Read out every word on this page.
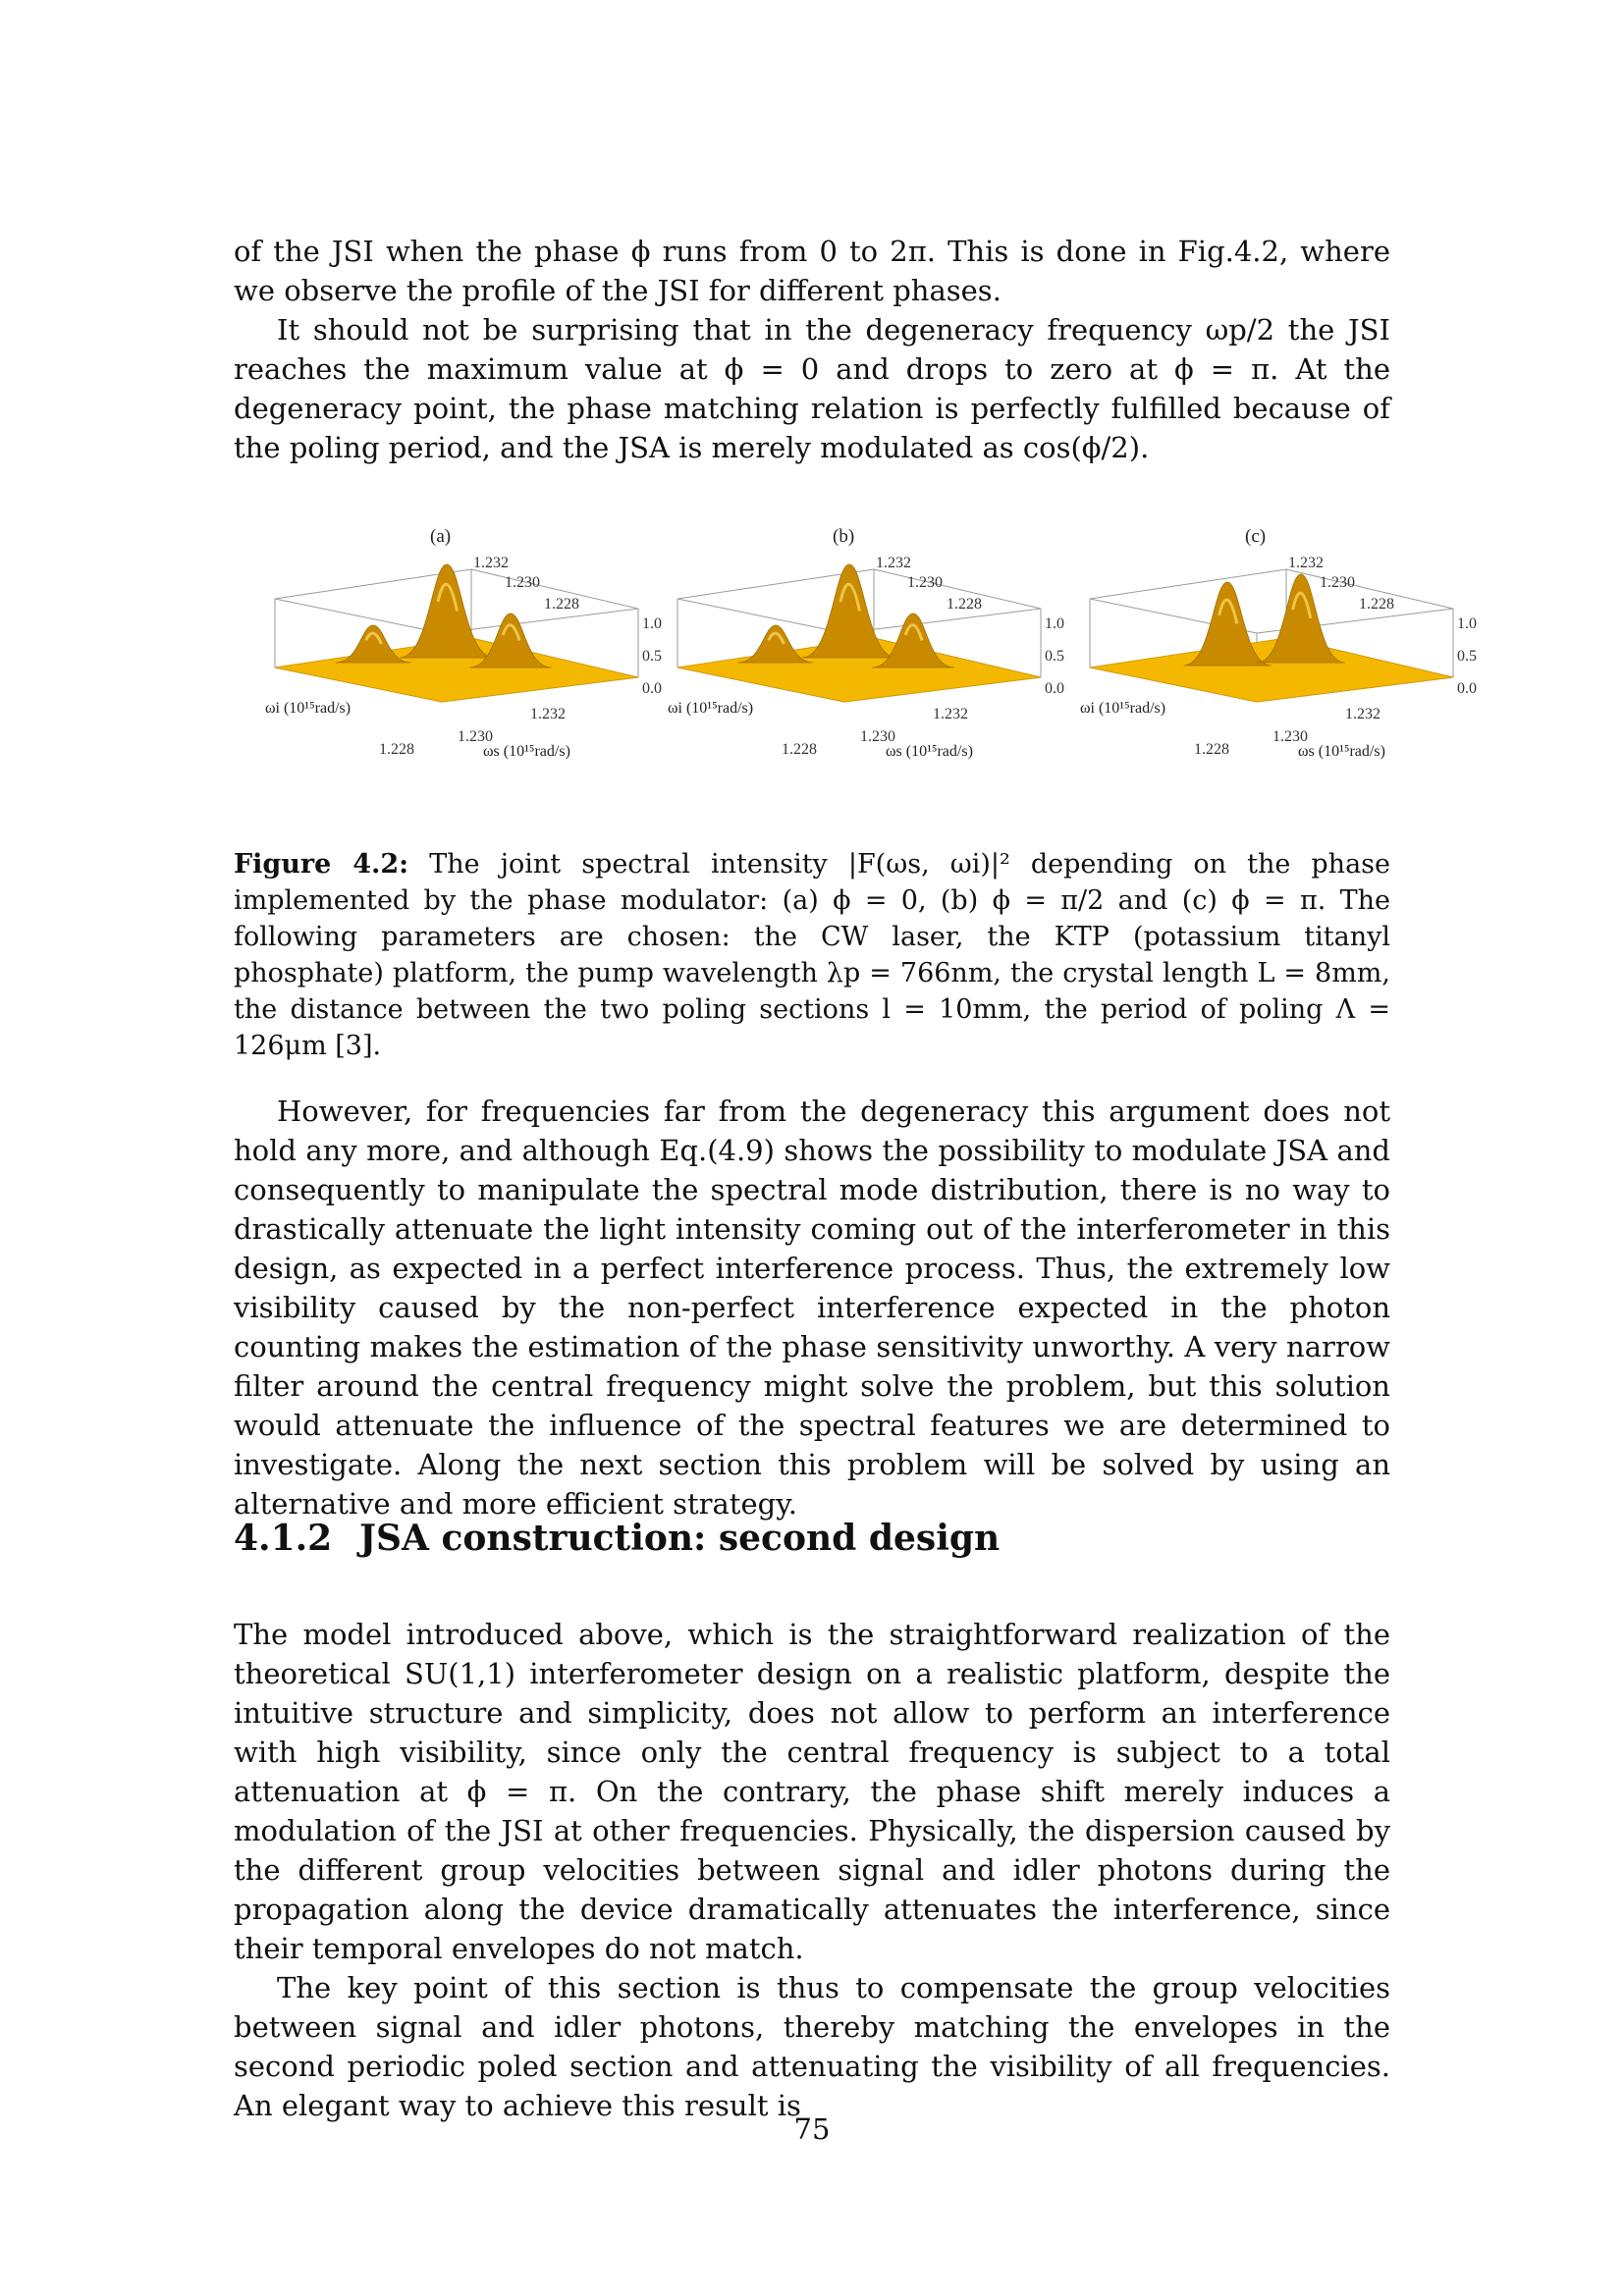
of the JSI when the phase ϕ runs from 0 to 2π. This is done in Fig.4.2, where we observe the profile of the JSI for different phases.

It should not be surprising that in the degeneracy frequency ωp/2 the JSI reaches the maximum value at ϕ = 0 and drops to zero at ϕ = π. At the degeneracy point, the phase matching relation is perfectly fulfilled because of the poling period, and the JSA is merely modulated as cos(ϕ/2).

(a)
1.232
1.230
1.228
1.0
0.5
0.0
1.228
1.230
1.232
ωi (10¹⁵rad/s)
ωs (10¹⁵rad/s)
(b)
1.232
1.230
1.228
1.0
0.5
0.0
1.228
1.230
1.232
ωi (10¹⁵rad/s)
ωs (10¹⁵rad/s)
(c)
1.232
1.230
1.228
1.0
0.5
0.0
1.228
1.230
1.232
ωi (10¹⁵rad/s)
ωs (10¹⁵rad/s)
Figure 4.2: The joint spectral intensity |F(ωs, ωi)|² depending on the phase implemented by the phase modulator: (a) ϕ = 0, (b) ϕ = π/2 and (c) ϕ = π. The following parameters are chosen: the CW laser, the KTP (potassium titanyl phosphate) platform, the pump wavelength λp = 766nm, the crystal length L = 8mm, the distance between the two poling sections l = 10mm, the period of poling Λ = 126μm [3].

However, for frequencies far from the degeneracy this argument does not hold any more, and although Eq.(4.9) shows the possibility to modulate JSA and consequently to manipulate the spectral mode distribution, there is no way to drastically attenuate the light intensity coming out of the interferometer in this design, as expected in a perfect interference process. Thus, the extremely low visibility caused by the non-perfect interference expected in the photon counting makes the estimation of the phase sensitivity unworthy. A very narrow filter around the central frequency might solve the problem, but this solution would attenuate the influence of the spectral features we are determined to investigate. Along the next section this problem will be solved by using an alternative and more efficient strategy.

4.1.2 JSA construction: second design

The model introduced above, which is the straightforward realization of the theoretical SU(1,1) interferometer design on a realistic platform, despite the intuitive structure and simplicity, does not allow to perform an interference with high visibility, since only the central frequency is subject to a total attenuation at ϕ = π. On the contrary, the phase shift merely induces a modulation of the JSI at other frequencies. Physically, the dispersion caused by the different group velocities between signal and idler photons during the propagation along the device dramatically attenuates the interference, since their temporal envelopes do not match.

The key point of this section is thus to compensate the group velocities between signal and idler photons, thereby matching the envelopes in the second periodic poled section and attenuating the visibility of all frequencies. An elegant way to achieve this result is

75
